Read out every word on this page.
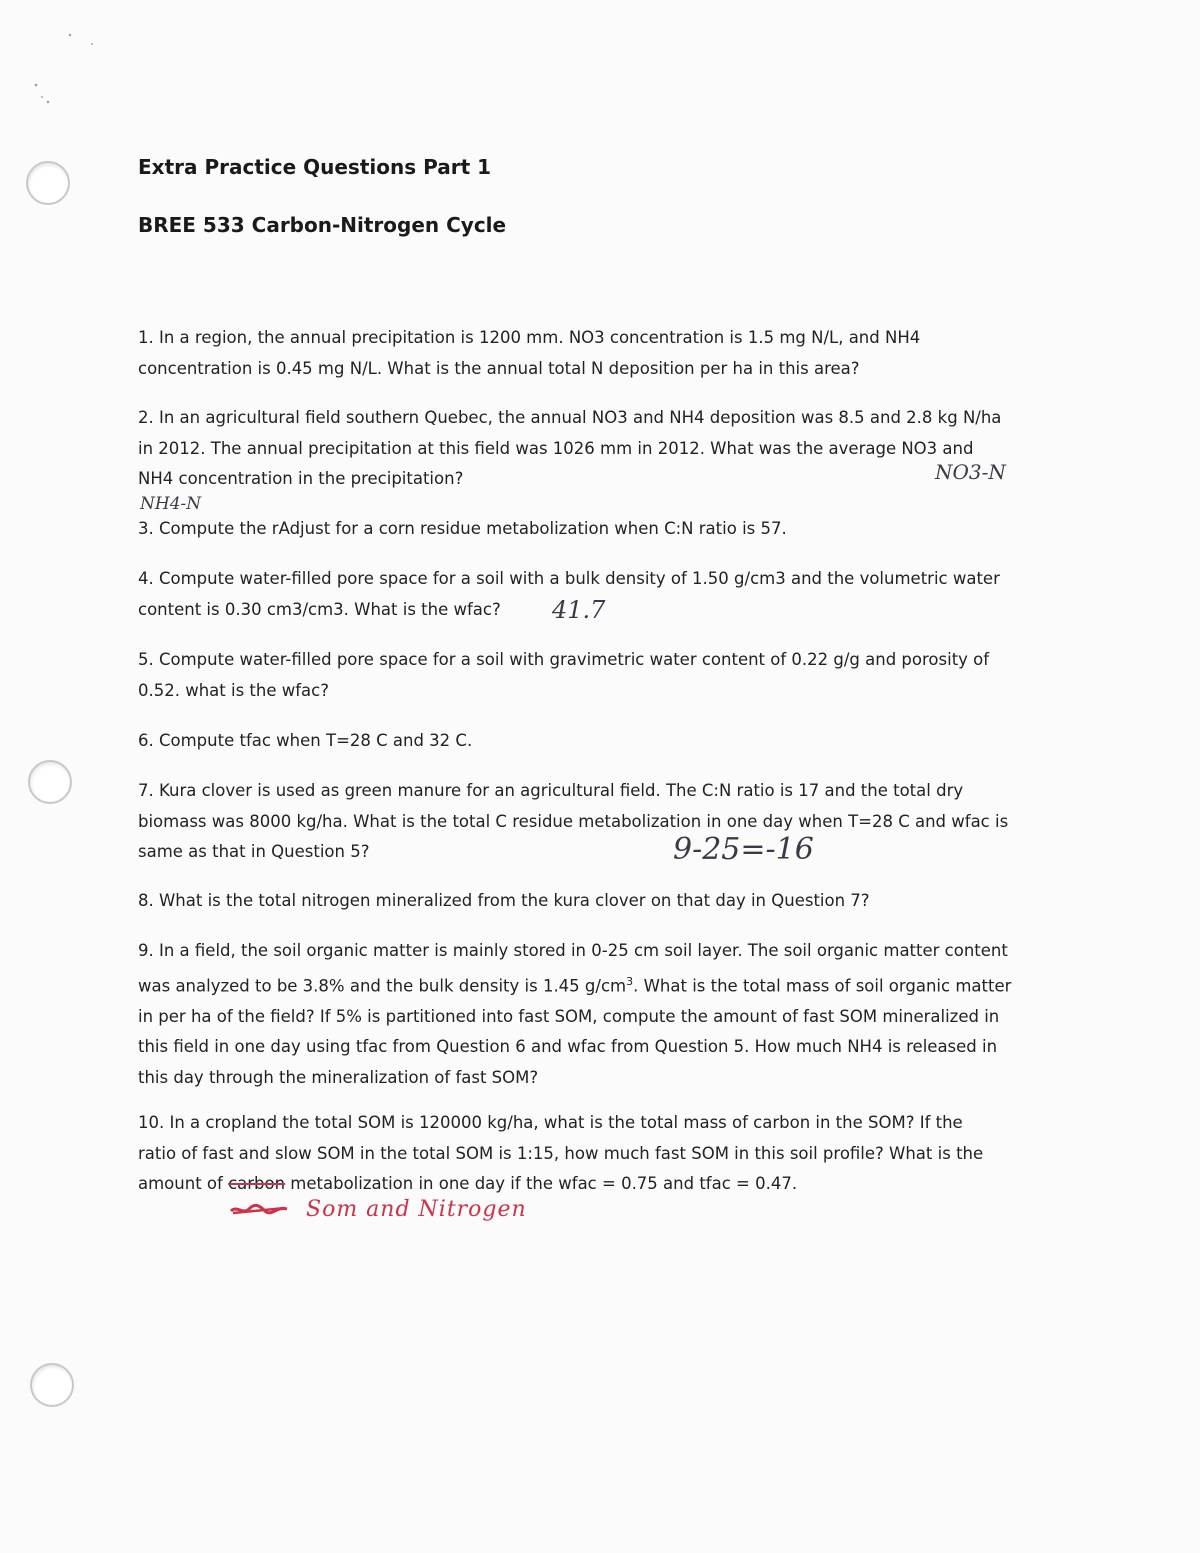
Extra Practice Questions Part 1
BREE 533 Carbon-Nitrogen Cycle
1. In a region, the annual precipitation is 1200 mm. NO3 concentration is 1.5 mg N/L, and NH4
concentration is 0.45 mg N/L. What is the annual total N deposition per ha in this area?
2. In an agricultural field southern Quebec, the annual NO3 and NH4 deposition was 8.5 and 2.8 kg N/ha
in 2012. The annual precipitation at this field was 1026 mm in 2012. What was the average NO3 and
NH4 concentration in the precipitation?	NO3-N
NH4-N
3. Compute the rAdjust for a corn residue metabolization when C:N ratio is 57.
4. Compute water-filled pore space for a soil with a bulk density of 1.50 g/cm3 and the volumetric water
content is 0.30 cm3/cm3. What is the wfac?	41.7
5. Compute water-filled pore space for a soil with gravimetric water content of 0.22 g/g and porosity of
0.52. what is the wfac?
6. Compute tfac when T=28 C and 32 C.
7. Kura clover is used as green manure for an agricultural field. The C:N ratio is 17 and the total dry
biomass was 8000 kg/ha. What is the total C residue metabolization in one day when T=28 C and wfac is
same as that in Question 5?	9-25=-16
8. What is the total nitrogen mineralized from the kura clover on that day in Question 7?
9. In a field, the soil organic matter is mainly stored in 0-25 cm soil layer. The soil organic matter content
was analyzed to be 3.8% and the bulk density is 1.45 $g/cm^3$. What is the total mass of soil organic matter
in per ha of the field? If 5% is partitioned into fast SOM, compute the amount of fast SOM mineralized in
this field in one day using tfac from Question 6 and wfac from Question 5. How much NH4 is released in
this day through the mineralization of fast SOM?
10. In a cropland the total SOM is 120000 kg/ha, what is the total mass of carbon in the SOM? If the
ratio of fast and slow SOM in the total SOM is 1:15, how much fast SOM in this soil profile? What is the
amount of carbon metabolization in one day if the wfac = 0.75 and tfac = 0.47.
Som and Nitrogen
